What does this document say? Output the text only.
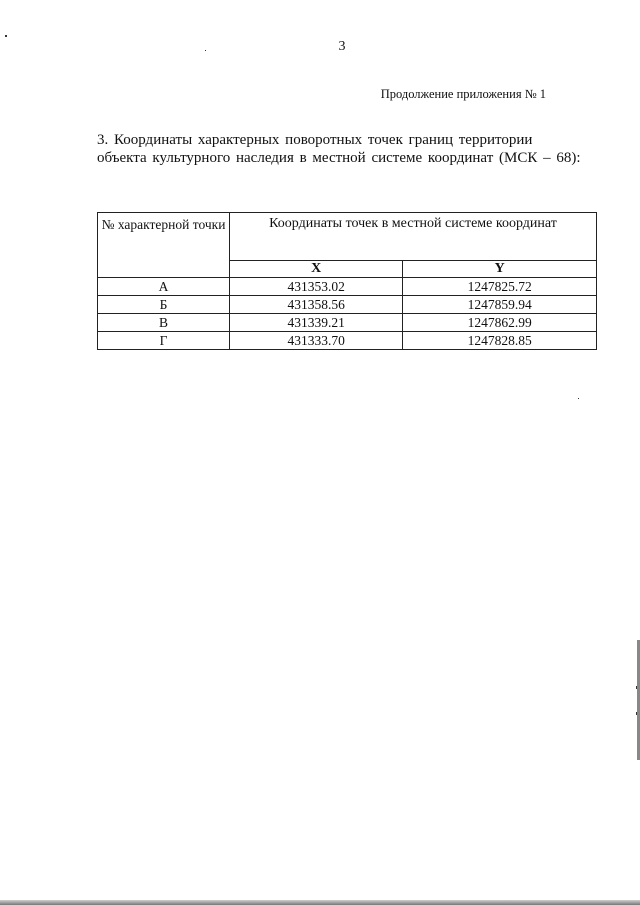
3
Продолжение приложения № 1
3. Координаты характерных поворотных точек границ территории объекта культурного наследия в местной системе координат (МСК – 68):
№ характерной точки	Координаты точек в местной системе координат	
	X	Y
А	431353.02	1247825.72
Б	431358.56	1247859.94
В	431339.21	1247862.99
Г	431333.70	1247828.85
